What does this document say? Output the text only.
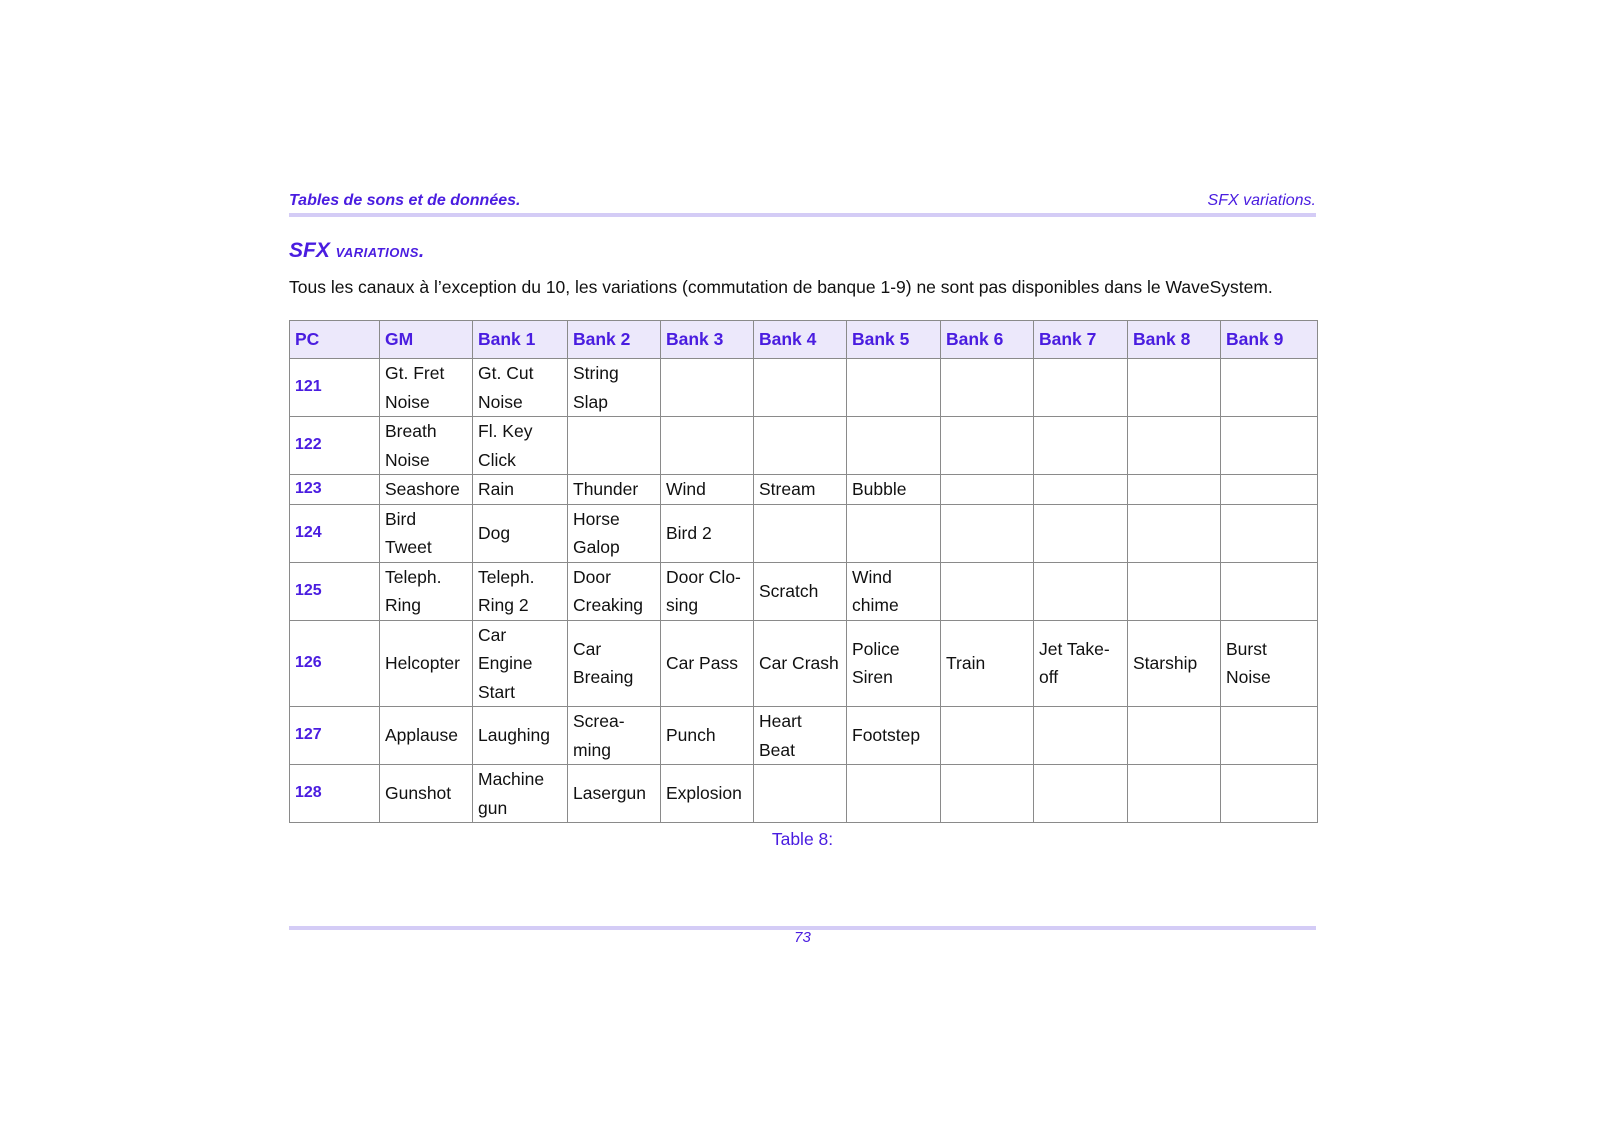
Tables de sons et de données.	SFX variations.
SFX variations.
Tous les canaux à l’exception du 10, les variations (commutation de banque 1-9) ne sont pas disponibles dans le WaveSystem.
PC	GM	Bank 1	Bank 2	Bank 3	Bank 4	Bank 5	Bank 6	Bank 7	Bank 8	Bank 9
121	Gt. Fret Noise	Gt. Cut Noise	String Slap							
122	Breath Noise	Fl. Key Click								
123	Seashore	Rain	Thunder	Wind	Stream	Bubble				
124	Bird Tweet	Dog	Horse Galop	Bird 2						
125	Teleph. Ring	Teleph. Ring 2	Door Creaking	Door Clo-sing	Scratch	Wind chime				
126	Helcopter	Car Engine Start	Car Breaing	Car Pass	Car Crash	Police Siren	Train	Jet Take-off	Starship	Burst Noise
127	Applause	Laughing	Screa-ming	Punch	Heart Beat	Footstep				
128	Gunshot	Machine gun	Lasergun	Explosion						
Table 8:
73
